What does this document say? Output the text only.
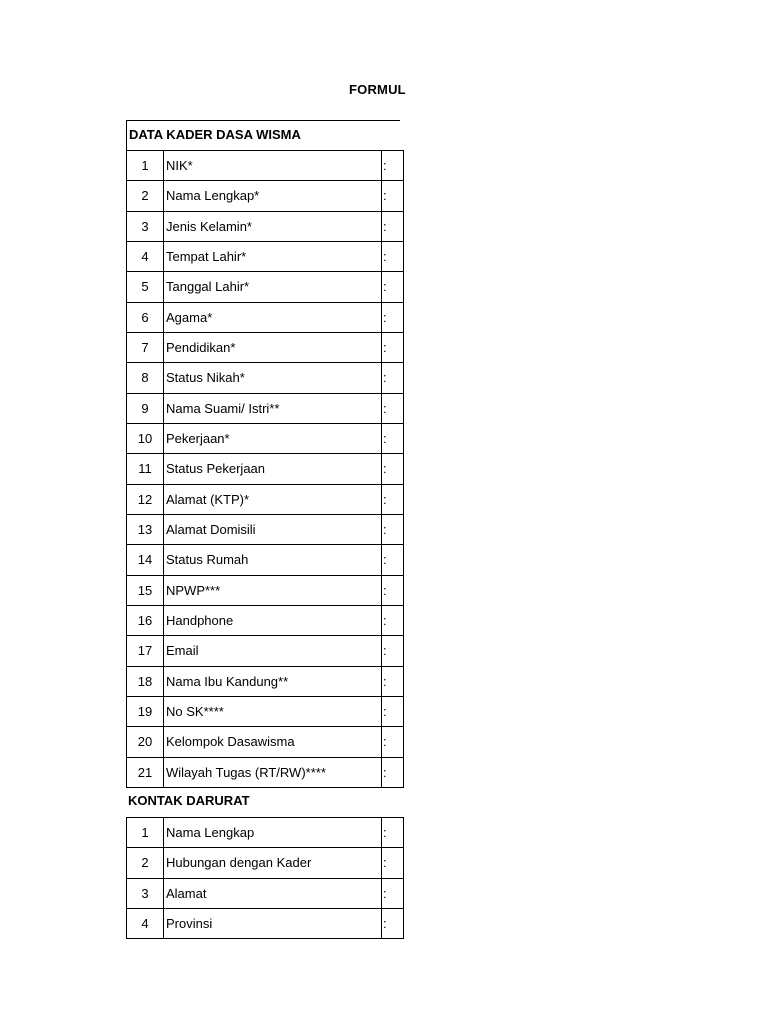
FORMUL
DATA KADER DASA WISMA
1	NIK*	:
2	Nama Lengkap*	:
3	Jenis Kelamin*	:
4	Tempat Lahir*	:
5	Tanggal Lahir*	:
6	Agama*	:
7	Pendidikan*	:
8	Status Nikah*	:
9	Nama Suami/ Istri**	:
10	Pekerjaan*	:
11	Status Pekerjaan	:
12	Alamat (KTP)*	:
13	Alamat Domisili	:
14	Status Rumah	:
15	NPWP***	:
16	Handphone	:
17	Email	:
18	Nama Ibu Kandung**	:
19	No SK****	:
20	Kelompok Dasawisma	:
21	Wilayah Tugas (RT/RW)****	:
KONTAK DARURAT
1	Nama Lengkap	:
2	Hubungan dengan Kader	:
3	Alamat	:
4	Provinsi	:
